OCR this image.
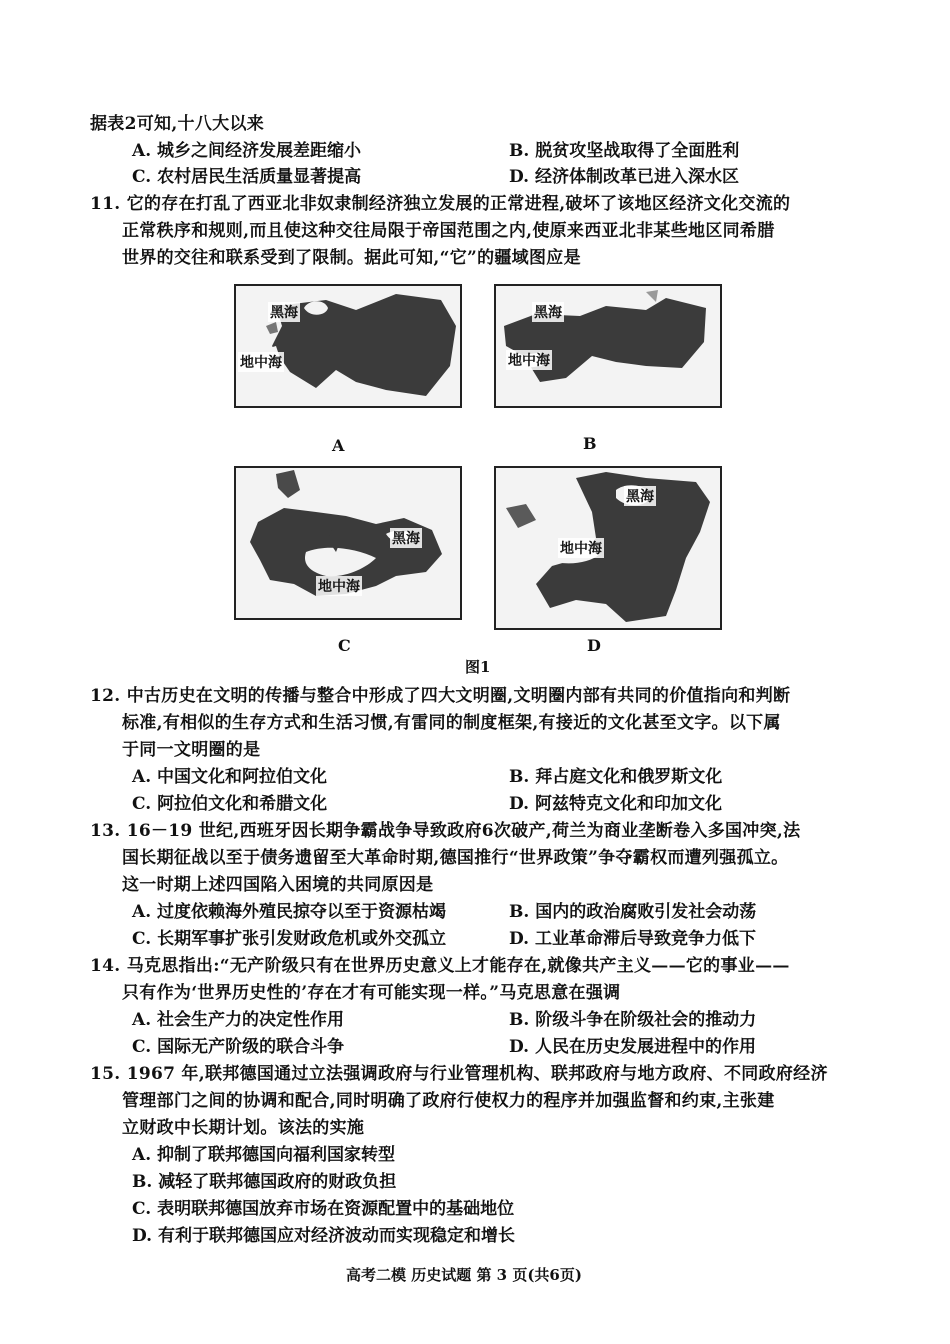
据表2可知,十八大以来
A. 城乡之间经济发展差距缩小	B. 脱贫攻坚战取得了全面胜利
C. 农村居民生活质量显著提高	D. 经济体制改革已进入深水区
11. 它的存在打乱了西亚北非奴隶制经济独立发展的正常进程,破坏了该地区经济文化交流的
正常秩序和规则,而且使这种交往局限于帝国范围之内,使原来西亚北非某些地区同希腊
世界的交往和联系受到了限制。据此可知,“它”的疆域图应是
黑海
地中海
A
黑海
地中海
B
黑海
地中海
C
黑海
地中海
D
图1
12. 中古历史在文明的传播与整合中形成了四大文明圈,文明圈内部有共同的价值指向和判断
标准,有相似的生存方式和生活习惯,有雷同的制度框架,有接近的文化甚至文字。以下属
于同一文明圈的是
A. 中国文化和阿拉伯文化	B. 拜占庭文化和俄罗斯文化
C. 阿拉伯文化和希腊文化	D. 阿兹特克文化和印加文化
13. 16－19 世纪,西班牙因长期争霸战争导致政府6次破产,荷兰为商业垄断卷入多国冲突,法
国长期征战以至于债务遗留至大革命时期,德国推行“世界政策”争夺霸权而遭列强孤立。
这一时期上述四国陷入困境的共同原因是
A. 过度依赖海外殖民掠夺以至于资源枯竭	B. 国内的政治腐败引发社会动荡
C. 长期军事扩张引发财政危机或外交孤立	D. 工业革命滞后导致竞争力低下
14. 马克思指出:“无产阶级只有在世界历史意义上才能存在,就像共产主义——它的事业——
只有作为‘世界历史性的’存在才有可能实现一样。”马克思意在强调
A. 社会生产力的决定性作用	B. 阶级斗争在阶级社会的推动力
C. 国际无产阶级的联合斗争	D. 人民在历史发展进程中的作用
15. 1967 年,联邦德国通过立法强调政府与行业管理机构、联邦政府与地方政府、不同政府经济
管理部门之间的协调和配合,同时明确了政府行使权力的程序并加强监督和约束,主张建
立财政中长期计划。该法的实施
A. 抑制了联邦德国向福利国家转型
B. 减轻了联邦德国政府的财政负担
C. 表明联邦德国放弃市场在资源配置中的基础地位
D. 有利于联邦德国应对经济波动而实现稳定和增长
高考二模 历史试题 第 3 页(共6页)
